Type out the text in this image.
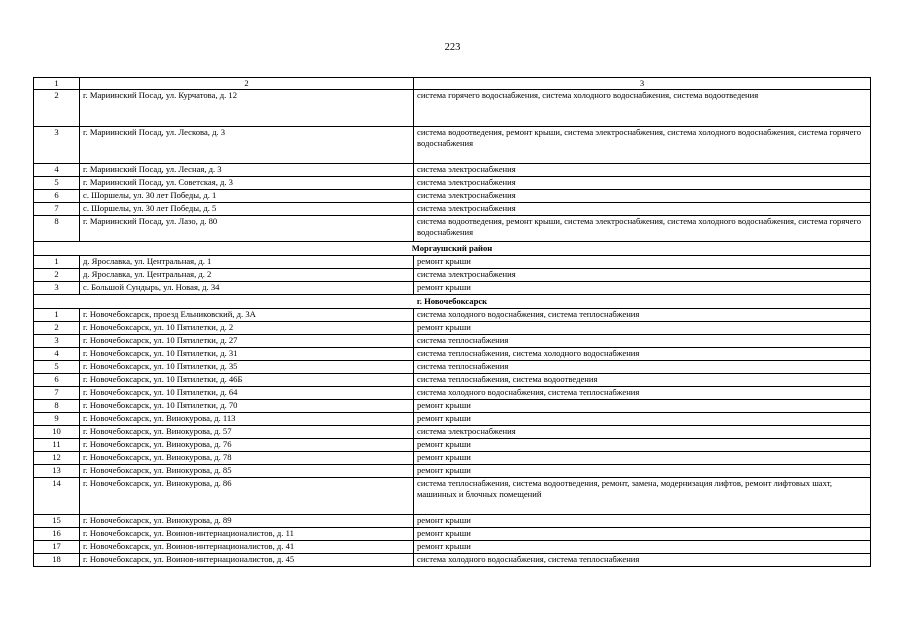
223
1	2	3
2	г. Мариинский Посад, ул. Курчатова, д. 12	система горячего водоснабжения, система холодного водоснабжения, система водоотведения
3	г. Мариинский Посад, ул. Лескова, д. 3	система водоотведения, ремонт крыши, система электроснабжения, система холодного водоснабжения, система горячего водоснабжения
4	г. Мариинский Посад, ул. Лесная, д. 3	система электроснабжения
5	г. Мариинский Посад, ул. Советская, д. 3	система электроснабжения
6	с. Шоршелы, ул. 30 лет Победы, д. 1	система электроснабжения
7	с. Шоршелы, ул. 30 лет Победы, д. 5	система электроснабжения
8	г. Мариинский Посад, ул. Лазо, д. 80	система водоотведения, ремонт крыши, система электроснабжения, система холодного водоснабжения, система горячего водоснабжения
Моргаушский район		
1	д. Ярославка, ул. Центральная, д. 1	ремонт крыши
2	д. Ярославка, ул. Центральная, д. 2	система электроснабжения
3	с. Большой Сундырь, ул. Новая, д. 34	ремонт крыши
г. Новочебоксарск		
1	г. Новочебоксарск, проезд Ельниковский, д. 3А	система холодного водоснабжения, система теплоснабжения
2	г. Новочебоксарск, ул. 10 Пятилетки, д. 2	ремонт крыши
3	г. Новочебоксарск, ул. 10 Пятилетки, д. 27	система теплоснабжения
4	г. Новочебоксарск, ул. 10 Пятилетки, д. 31	система теплоснабжения, система холодного водоснабжения
5	г. Новочебоксарск, ул. 10 Пятилетки, д. 35	система теплоснабжения
6	г. Новочебоксарск, ул. 10 Пятилетки, д. 46Б	система теплоснабжения, система водоотведения
7	г. Новочебоксарск, ул. 10 Пятилетки, д. 64	система холодного водоснабжения, система теплоснабжения
8	г. Новочебоксарск, ул. 10 Пятилетки, д. 70	ремонт крыши
9	г. Новочебоксарск, ул. Винокурова, д. 113	ремонт крыши
10	г. Новочебоксарск, ул. Винокурова, д. 57	система электроснабжения
11	г. Новочебоксарск, ул. Винокурова, д. 76	ремонт крыши
12	г. Новочебоксарск, ул. Винокурова, д. 78	ремонт крыши
13	г. Новочебоксарск, ул. Винокурова, д. 85	ремонт крыши
14	г. Новочебоксарск, ул. Винокурова, д. 86	система теплоснабжения, система водоотведения, ремонт, замена, модернизация лифтов, ремонт лифтовых шахт, машинных и блочных помещений
15	г. Новочебоксарск, ул. Винокурова, д. 89	ремонт крыши
16	г. Новочебоксарск, ул. Воинов-интернационалистов, д. 11	ремонт крыши
17	г. Новочебоксарск, ул. Воинов-интернационалистов, д. 41	ремонт крыши
18	г. Новочебоксарск, ул. Воинов-интернационалистов, д. 45	система холодного водоснабжения, система теплоснабжения
